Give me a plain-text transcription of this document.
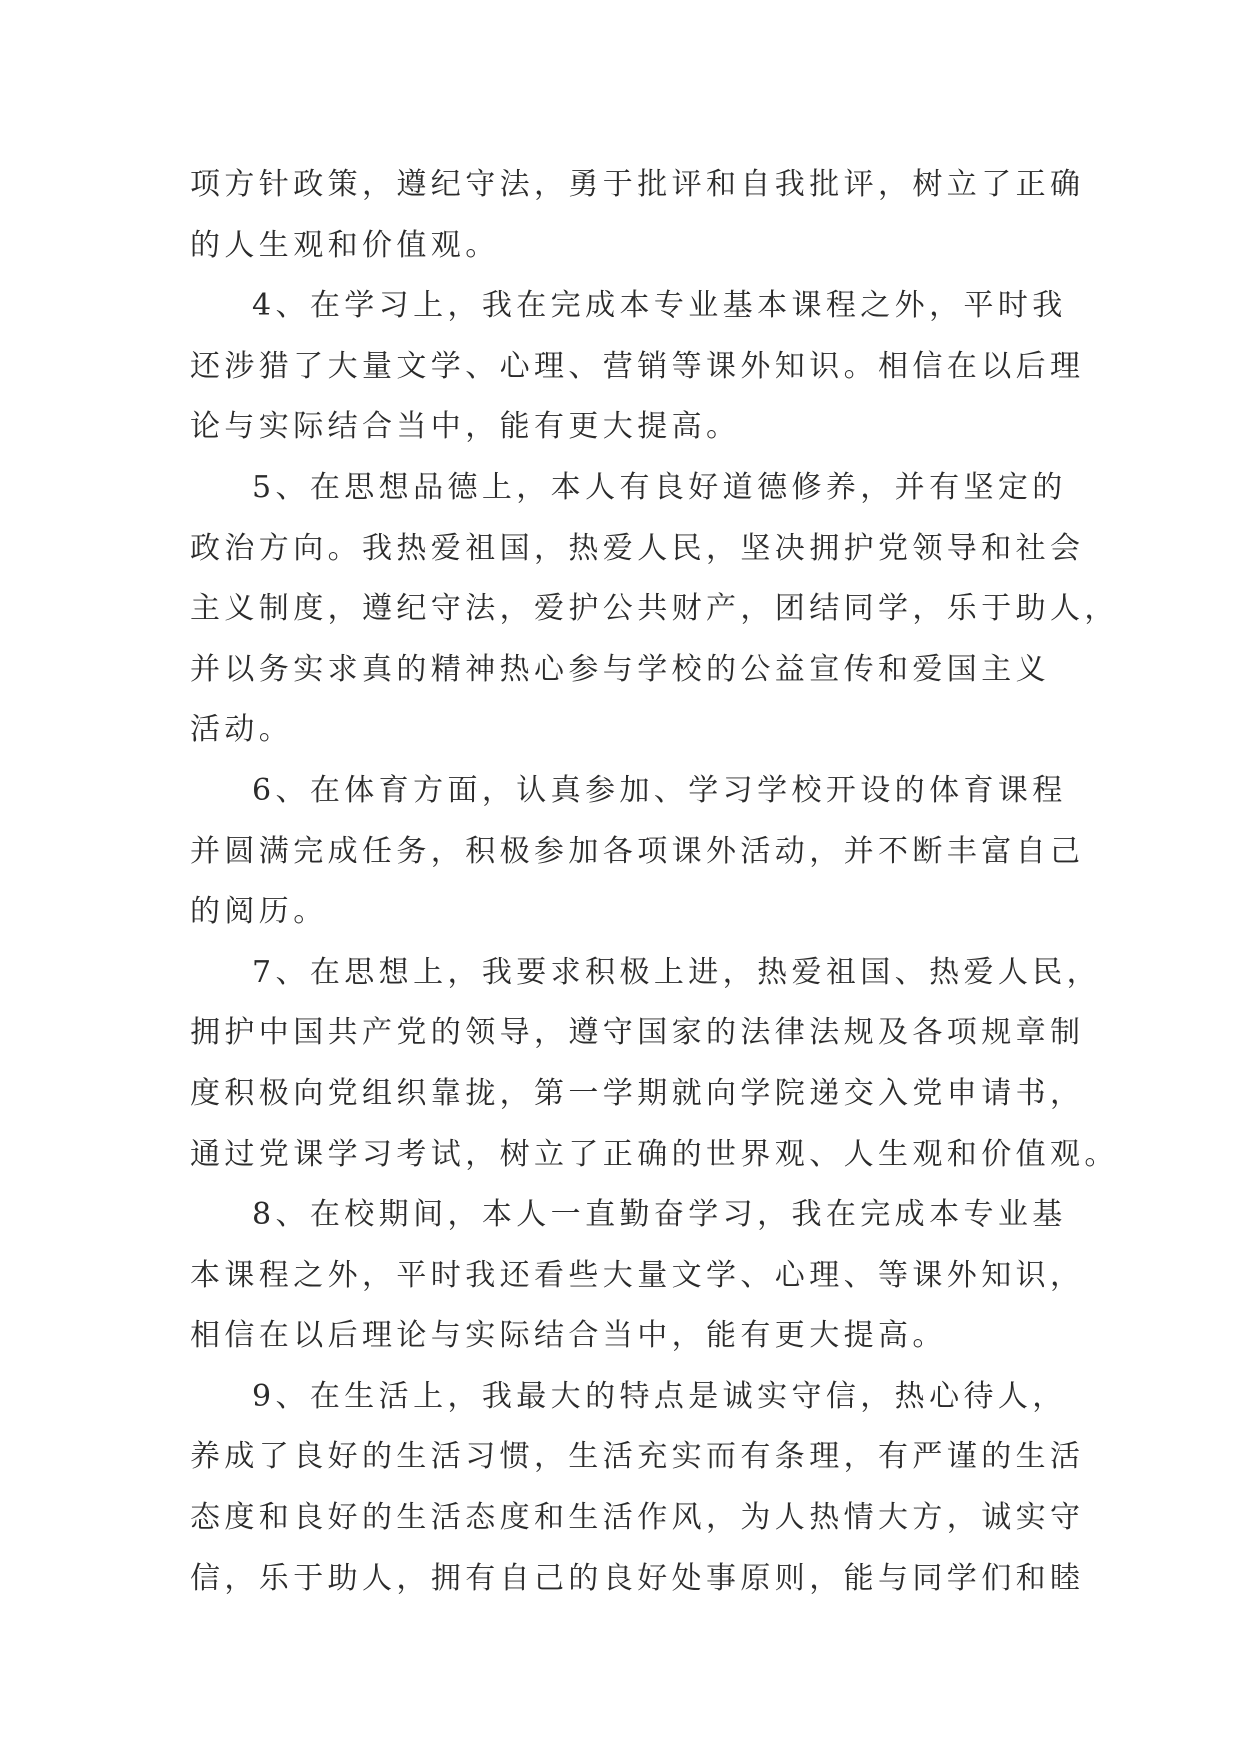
项方针政策，遵纪守法，勇于批评和自我批评，树立了正确

的人生观和价值观。

4、在学习上，我在完成本专业基本课程之外，平时我

还涉猎了大量文学、心理、营销等课外知识。相信在以后理

论与实际结合当中，能有更大提高。

5、在思想品德上，本人有良好道德修养，并有坚定的

政治方向。我热爱祖国，热爱人民，坚决拥护党领导和社会

主义制度，遵纪守法，爱护公共财产，团结同学，乐于助人，

并以务实求真的精神热心参与学校的公益宣传和爱国主义

活动。

6、在体育方面，认真参加、学习学校开设的体育课程

并圆满完成任务，积极参加各项课外活动，并不断丰富自己

的阅历。

7、在思想上，我要求积极上进，热爱祖国、热爱人民，

拥护中国共产党的领导，遵守国家的法律法规及各项规章制

度积极向党组织靠拢，第一学期就向学院递交入党申请书，

通过党课学习考试，树立了正确的世界观、人生观和价值观。

8、在校期间，本人一直勤奋学习，我在完成本专业基

本课程之外，平时我还看些大量文学、心理、等课外知识，

相信在以后理论与实际结合当中，能有更大提高。

9、在生活上，我最大的特点是诚实守信，热心待人，

养成了良好的生活习惯，生活充实而有条理，有严谨的生活

态度和良好的生活态度和生活作风，为人热情大方，诚实守

信，乐于助人，拥有自己的良好处事原则，能与同学们和睦
